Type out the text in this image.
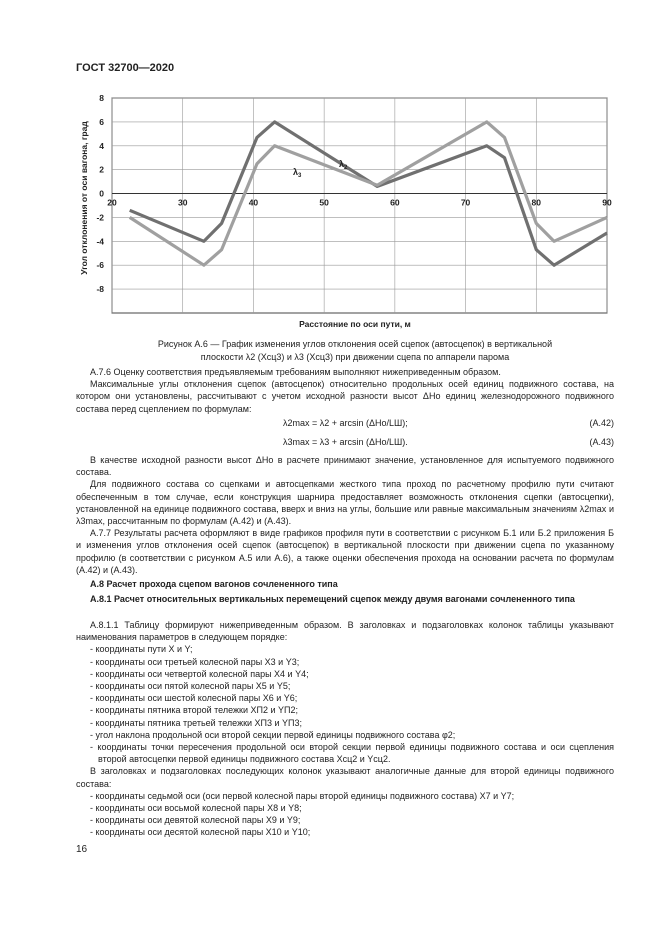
ГОСТ 32700—2020
20	30	40	50	60	70	80	90
8
6
4
2
0
-2
-4
-6
-8
Угол отклонения от оси вагона, град
Расстояние по оси пути, м
$\lambda_2$
$\lambda_3$
Рисунок А.6 — График изменения углов отклонения осей сцепок (автосцепок) в вертикальной
плоскости λ2 (Xсц3) и λ3 (Xсц3) при движении сцепа по аппарели парома

А.7.6 Оценку соответствия предъявляемым требованиям выполняют нижеприведенным образом.

Максимальные углы отклонения сцепок (автосцепок) относительно продольных осей единиц подвижного состава, на котором они установлены, рассчитывают с учетом исходной разности высот ΔHo единиц железнодорожного подвижного состава перед сцеплением по формулам:

λ2max = λ2 + arcsin (ΔHo/LШ);	(A.42)
λ3max = λ3 + arcsin (ΔHo/LШ).	(A.43)

В качестве исходной разности высот ΔHo в расчете принимают значение, установленное для испытуемого подвижного состава.

Для подвижного состава со сцепками и автосцепками жесткого типа проход по расчетному профилю пути считают обеспеченным в том случае, если конструкция шарнира предоставляет возможность отклонения сцепки (автосцепки), установленной на единице подвижного состава, вверх и вниз на углы, большие или равные максимальным значениям λ2max и λ3max, рассчитанным по формулам (А.42) и (А.43).

А.7.7 Результаты расчета оформляют в виде графиков профиля пути в соответствии с рисунком Б.1 или Б.2 приложения Б и изменения углов отклонения осей сцепок (автосцепок) в вертикальной плоскости при движении сцепа по указанному профилю (в соответствии с рисунком А.5 или А.6), а также оценки обеспечения прохода на основании расчета по формулам (А.42) и (А.43).

А.8 Расчет прохода сцепом вагонов сочлененного типа
А.8.1 Расчет относительных вертикальных перемещений сцепок между двумя вагонами сочлененного типа

А.8.1.1 Таблицу формируют нижеприведенным образом. В заголовках и подзаголовках колонок таблицы указывают наименования параметров в следующем порядке:

- координаты пути X и Y;
- координаты оси третьей колесной пары X3 и Y3;
- координаты оси четвертой колесной пары X4 и Y4;
- координаты оси пятой колесной пары X5 и Y5;
- координаты оси шестой колесной пары X6 и Y6;
- координаты пятника второй тележки XП2 и YП2;
- координаты пятника третьей тележки XП3 и YП3;
- угол наклона продольной оси второй секции первой единицы подвижного состава φ2;
- координаты точки пересечения продольной оси второй секции первой единицы подвижного состава и оси сцепления второй автосцепки первой единицы подвижного состава Xсц2 и Yсц2.

В заголовках и подзаголовках последующих колонок указывают аналогичные данные для второй единицы подвижного состава:

- координаты седьмой оси (оси первой колесной пары второй единицы подвижного состава) X7 и Y7;
- координаты оси восьмой колесной пары X8 и Y8;
- координаты оси девятой колесной пары X9 и Y9;
- координаты оси десятой колесной пары X10 и Y10;
16
